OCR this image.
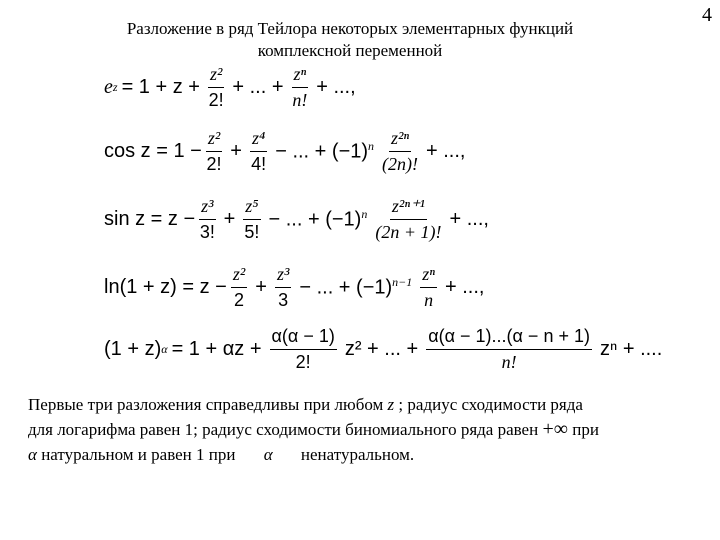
4
Разложение в ряд Тейлора некоторых элементарных функций
комплексной переменной
e $z = 1 + z + \frac{\text{z²}}{2!}$ + ... + $\frac{\text{zⁿ}}{n!}$ + ...,
$\cos z = 1 - \frac{\text{z²}}{2!} + \frac{\text{z⁴}}{4!}$ − ... + $(-1)^n \frac{\text{z²ⁿ}}{(2n)!}$ + ...,
$\sin z = z - \frac{\text{z³}}{3!} + \frac{\text{z⁵}}{5!}$ − ... + $(-1)^n \frac{\text{z²ⁿ⁺¹}}{(2n + 1)!}$ + ...,
$\ln(1 + z) = z - \frac{\text{z²}}{2} + \frac{\text{z³}}{3}$ − ... + $(-1)^{n-1} \frac{\text{zⁿ}}{n}$ + ...,
(1 + z) $\alpha = 1 + \alpha z + \frac{\alpha(\alpha - 1)}{2!} z^2$ + ... + $\frac{\alpha(\alpha - 1)...(\alpha - n + 1)}{n!}$ zⁿ + ....
Первые три разложения справедливы при любом z ; радиус сходимости ряда
для логарифма равен 1; радиус сходимости биномиального ряда равен +∞ при
α натуральном и равен 1 при α ненатуральном.
